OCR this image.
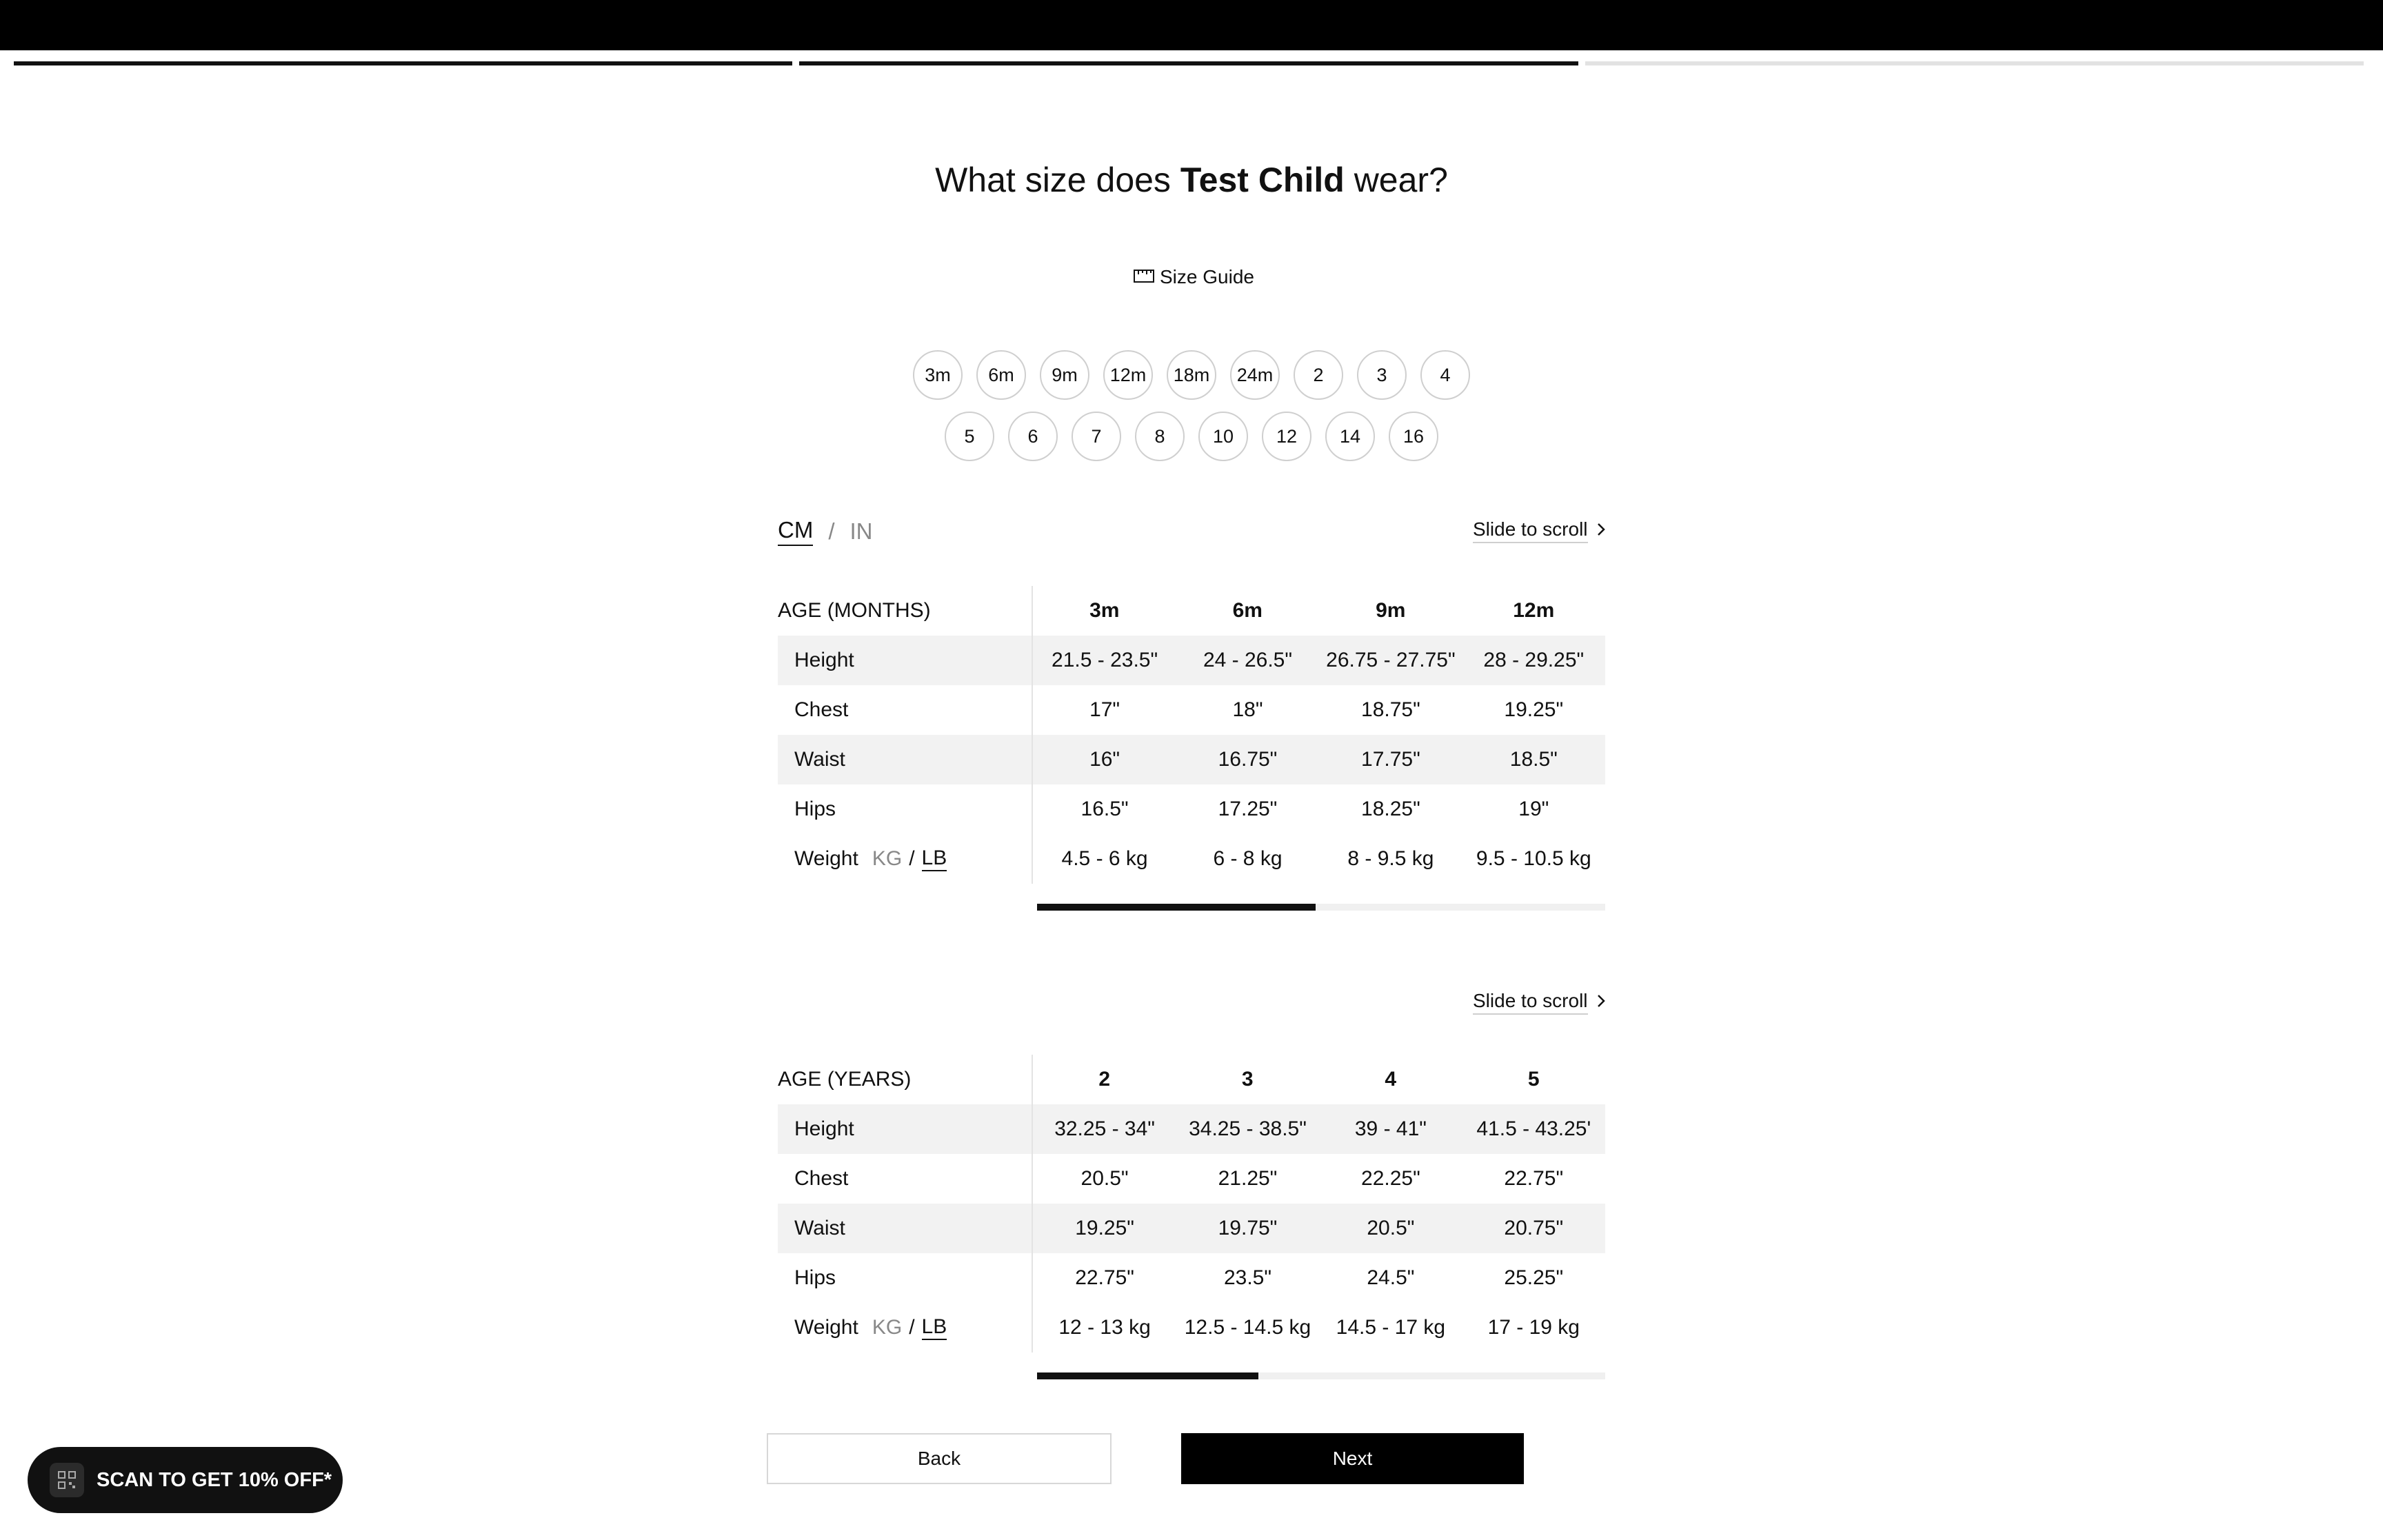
What size does Test Child wear?
Size Guide
3m	6m	9m	12m	18m	24m	2	3	4
5	6	7	8	10	12	14	16
CM / IN	Slide to scroll
AGE (MONTHS)	3m	6m	9m	12m
Height	21.5 - 23.5"	24 - 26.5"	26.75 - 27.75"	28 - 29.25"
Chest	17"	18"	18.75"	19.25"
Waist	16"	16.75"	17.75"	18.5"
Hips	16.5"	17.25"	18.25"	19"
Weight KG / LB	4.5 - 6 kg	6 - 8 kg	8 - 9.5 kg	9.5 - 10.5 kg
Slide to scroll
AGE (YEARS)	2	3	4	5
Height	32.25 - 34"	34.25 - 38.5"	39 - 41"	41.5 - 43.25'
Chest	20.5"	21.25"	22.25"	22.75"
Waist	19.25"	19.75"	20.5"	20.75"
Hips	22.75"	23.5"	24.5"	25.25"
Weight KG / LB	12 - 13 kg	12.5 - 14.5 kg	14.5 - 17 kg	17 - 19 kg
Back	Next
SCAN TO GET 10% OFF*
